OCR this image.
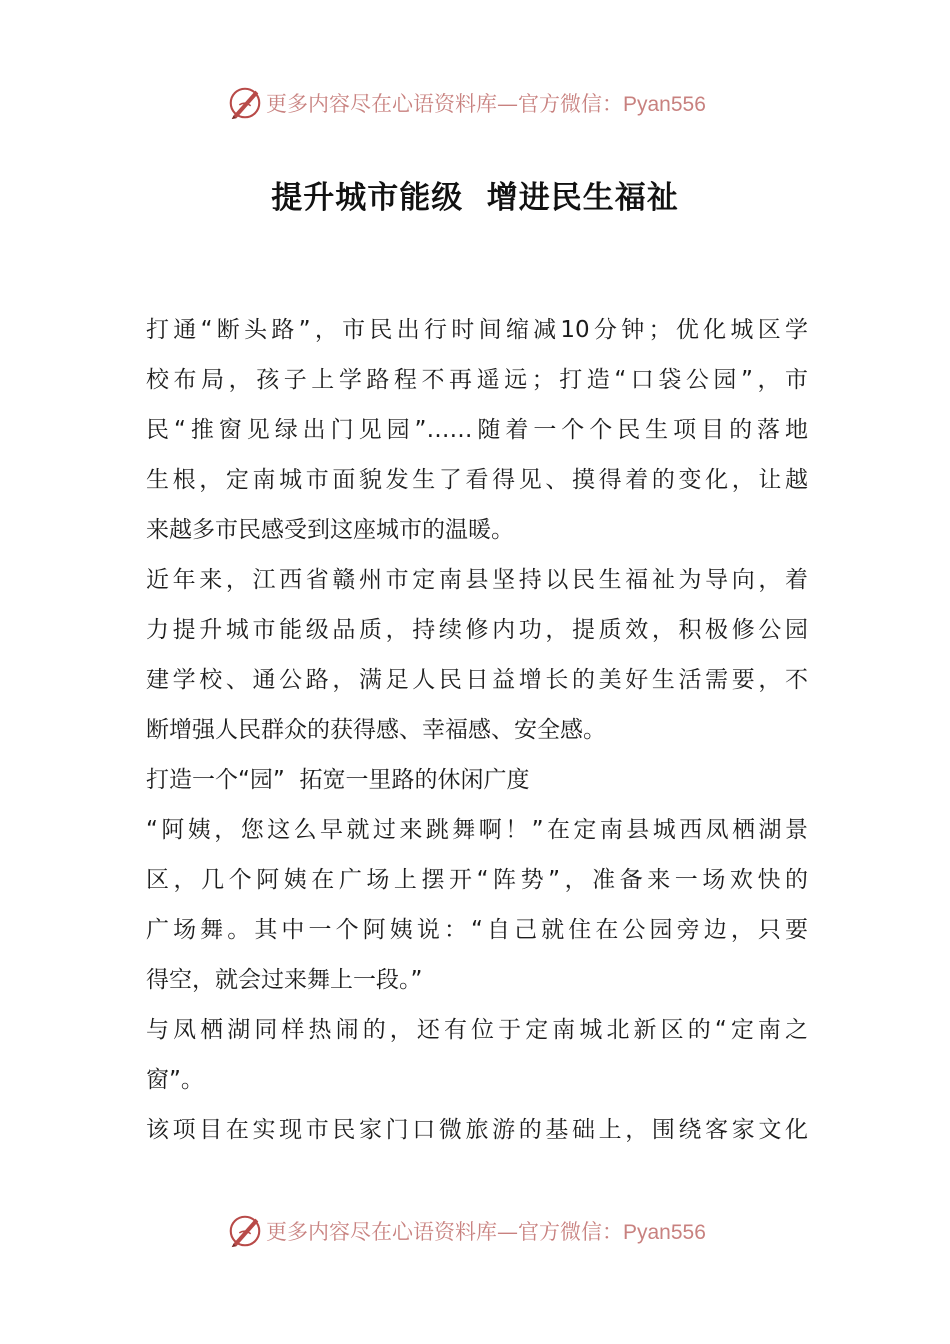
更多内容尽在心语资料库—官方微信：Pyan556
提升城市能级  增进民生福祉
打通“断头路”，市民出行时间缩减10分钟；优化城区学
校布局，孩子上学路程不再遥远；打造“口袋公园”，市
民“推窗见绿出门见园”……随着一个个民生项目的落地
生根，定南城市面貌发生了看得见、摸得着的变化，让越
来越多市民感受到这座城市的温暖。
近年来，江西省赣州市定南县坚持以民生福祉为导向，着
力提升城市能级品质，持续修内功，提质效，积极修公园
建学校、通公路，满足人民日益增长的美好生活需要，不
断增强人民群众的获得感、幸福感、安全感。
打造一个“园”  拓宽一里路的休闲广度
“阿姨，您这么早就过来跳舞啊！”在定南县城西凤栖湖景
区，几个阿姨在广场上摆开“阵势”，准备来一场欢快的
广场舞。其中一个阿姨说：“自己就住在公园旁边，只要
得空，就会过来舞上一段。”
与凤栖湖同样热闹的，还有位于定南城北新区的“定南之
窗”。
该项目在实现市民家门口微旅游的基础上，围绕客家文化
更多内容尽在心语资料库—官方微信：Pyan556
